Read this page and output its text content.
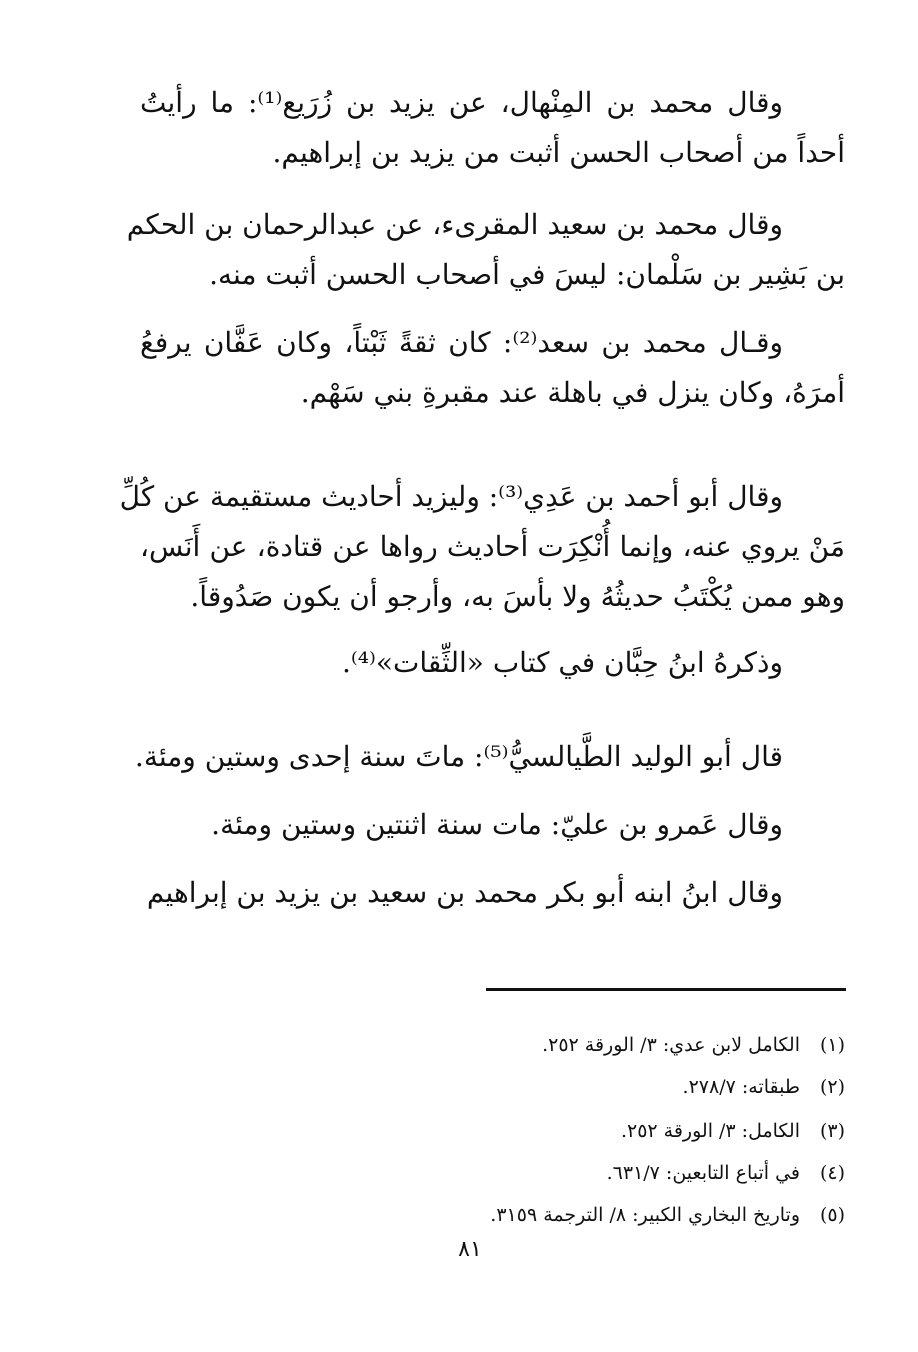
وقال محمد بن المِنْهال، عن يزيد بن زُرَيع⁽¹⁾: ما رأيتُ
أحداً من أصحاب الحسن أثبت من يزيد بن إبراهيم.
وقال محمد بن سعيد المقرىء، عن عبدالرحمان بن الحكم
بن بَشِير بن سَلْمان: ليسَ في أصحاب الحسن أثبت منه.
وقـال محمد بن سعد⁽²⁾: كان ثقةً ثَبْتاً، وكان عَفَّان يرفعُ
أمرَهُ، وكان ينزل في باهلة عند مقبرةِ بني سَهْم.
وقال أبو أحمد بن عَدِي⁽³⁾: وليزيد أحاديث مستقيمة عن كُلِّ
مَنْ يروي عنه، وإنما أُنْكِرَت أحاديث رواها عن قتادة، عن أَنَس،
وهو ممن يُكْتَبُ حديثُهُ ولا بأسَ به، وأرجو أن يكون صَدُوقاً.
وذكرهُ ابنُ حِبَّان في كتاب «الثِّقات»⁽⁴⁾.
قال أبو الوليد الطَّيالسيُّ⁽⁵⁾: ماتَ سنة إحدى وستين ومئة.
وقال عَمرو بن عليّ: مات سنة اثنتين وستين ومئة.
وقال ابنُ ابنه أبو بكر محمد بن سعيد بن يزيد بن إبراهيم
(١)الكامل لابن عدي: ٣/ الورقة ٢٥٢.
(٢)طبقاته: ٢٧٨/٧.
(٣)الكامل: ٣/ الورقة ٢٥٢.
(٤)في أتباع التابعين: ٦٣١/٧.
(٥)وتاريخ البخاري الكبير: ٨/ الترجمة ٣١٥٩.
٨١
